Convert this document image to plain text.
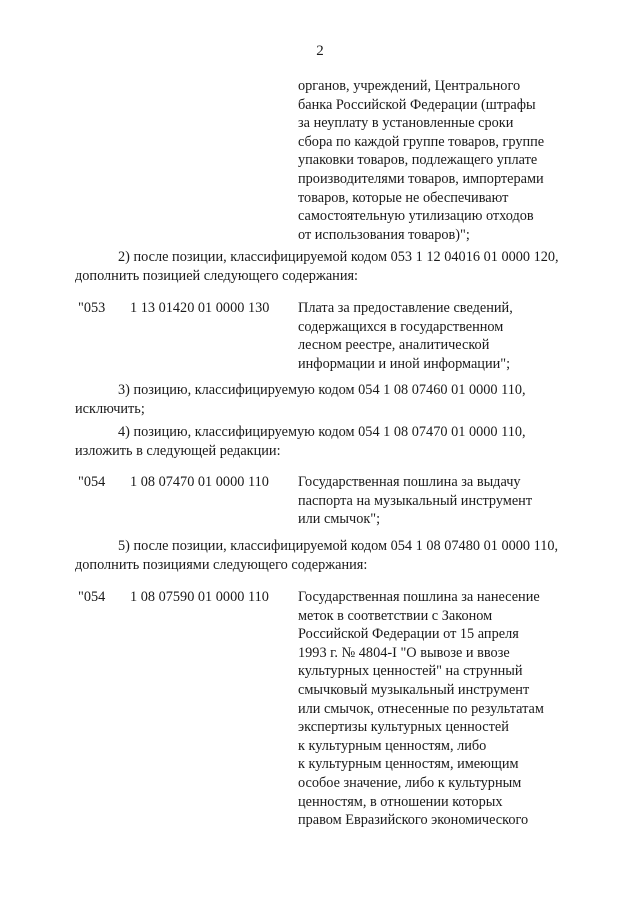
2
органов, учреждений, Центрального
банка Российской Федерации (штрафы
за неуплату в установленные сроки
сбора по каждой группе товаров, группе
упаковки товаров, подлежащего уплате
производителями товаров, импортерами
товаров, которые не обеспечивают
самостоятельную утилизацию отходов
от использования товаров)";
2) после позиции, классифицируемой кодом 053 1 12 04016 01 0000 120,
дополнить позицией следующего содержания:
"053 1 13 01420 01 0000 130 Плата за предоставление сведений,
содержащихся в государственном
лесном реестре, аналитической
информации и иной информации";
3) позицию, классифицируемую кодом 054 1 08 07460 01 0000 110,
исключить;
4) позицию, классифицируемую кодом 054 1 08 07470 01 0000 110,
изложить в следующей редакции:
"054 1 08 07470 01 0000 110 Государственная пошлина за выдачу
паспорта на музыкальный инструмент
или смычок";
5) после позиции, классифицируемой кодом 054 1 08 07480 01 0000 110,
дополнить позициями следующего содержания:
"054 1 08 07590 01 0000 110 Государственная пошлина за нанесение
меток в соответствии с Законом
Российской Федерации от 15 апреля
1993 г. № 4804-I "О вывозе и ввозе
культурных ценностей" на струнный
смычковый музыкальный инструмент
или смычок, отнесенные по результатам
экспертизы культурных ценностей
к культурным ценностям, либо
к культурным ценностям, имеющим
особое значение, либо к культурным
ценностям, в отношении которых
правом Евразийского экономического
